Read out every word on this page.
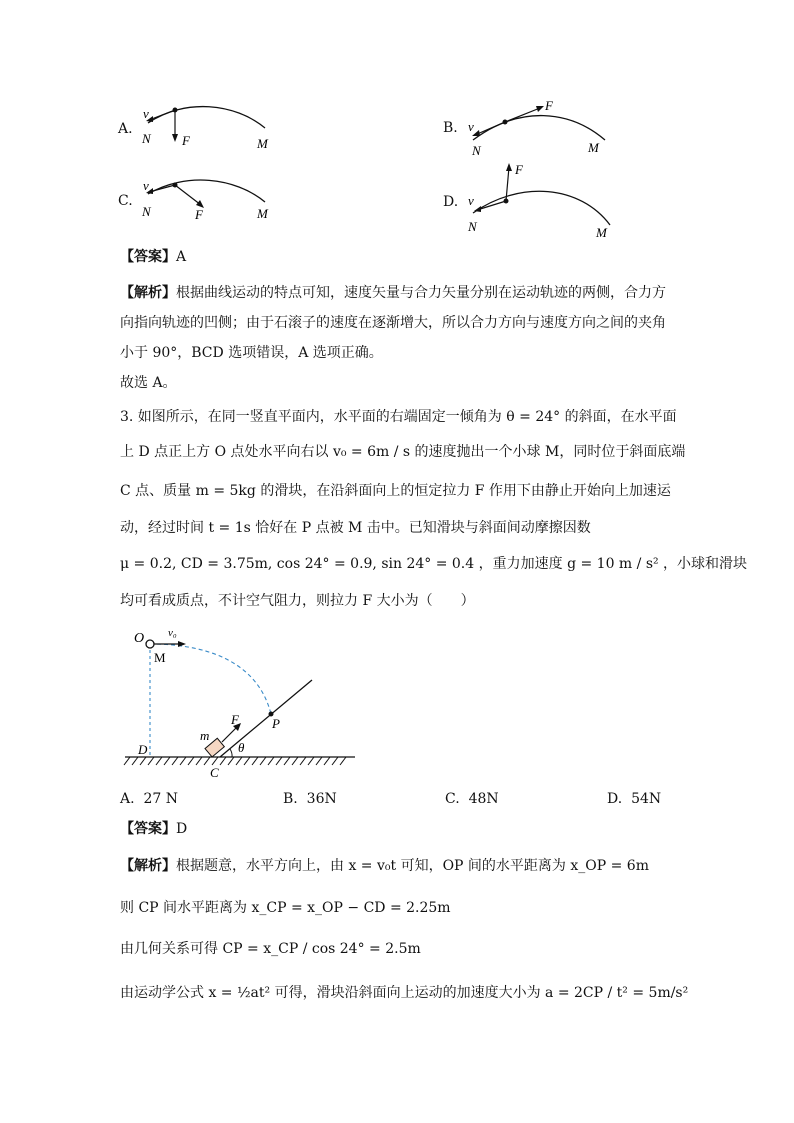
A.
v
N F	M
B. v
N
F
M
C.
v
N	F	M
D. v
N
F
M
【答案】A
【解析】根据曲线运动的特点可知，速度矢量与合力矢量分别在运动轨迹的两侧，合力方
向指向轨迹的凹侧；由于石滚子的速度在逐渐增大，所以合力方向与速度方向之间的夹角
小于 90°，BCD 选项错误，A 选项正确。
故选 A。
3. 如图所示，在同一竖直平面内，水平面的右端固定一倾角为 θ = 24° 的斜面，在水平面
上 D 点正上方 O 点处水平向右以 v₀ = 6m / s 的速度抛出一个小球 M，同时位于斜面底端
C 点、质量 m = 5kg 的滑块，在沿斜面向上的恒定拉力 F 作用下由静止开始向上加速运
动，经过时间 t = 1s 恰好在 P 点被 M 击中。已知滑块与斜面间动摩擦因数
μ = 0.2, CD = 3.75m, cos 24° = 0.9, sin 24° = 0.4 ，重力加速度 g = 10 m / s² ，小球和滑块
均可看成质点，不计空气阻力，则拉力 F 大小为（　　）
O v₀
M
P
F
m
θ
D
C
A. 27 N	B. 36N	C. 48N	D. 54N
【答案】D
【解析】根据题意，水平方向上，由 x = v₀t 可知，OP 间的水平距离为 x_OP = 6m
则 CP 间水平距离为 x_CP = x_OP − CD = 2.25m
由几何关系可得 CP = x_CP / cos 24° = 2.5m
由运动学公式 x = ½at² 可得，滑块沿斜面向上运动的加速度大小为 a = 2CP / t² = 5m/s²
